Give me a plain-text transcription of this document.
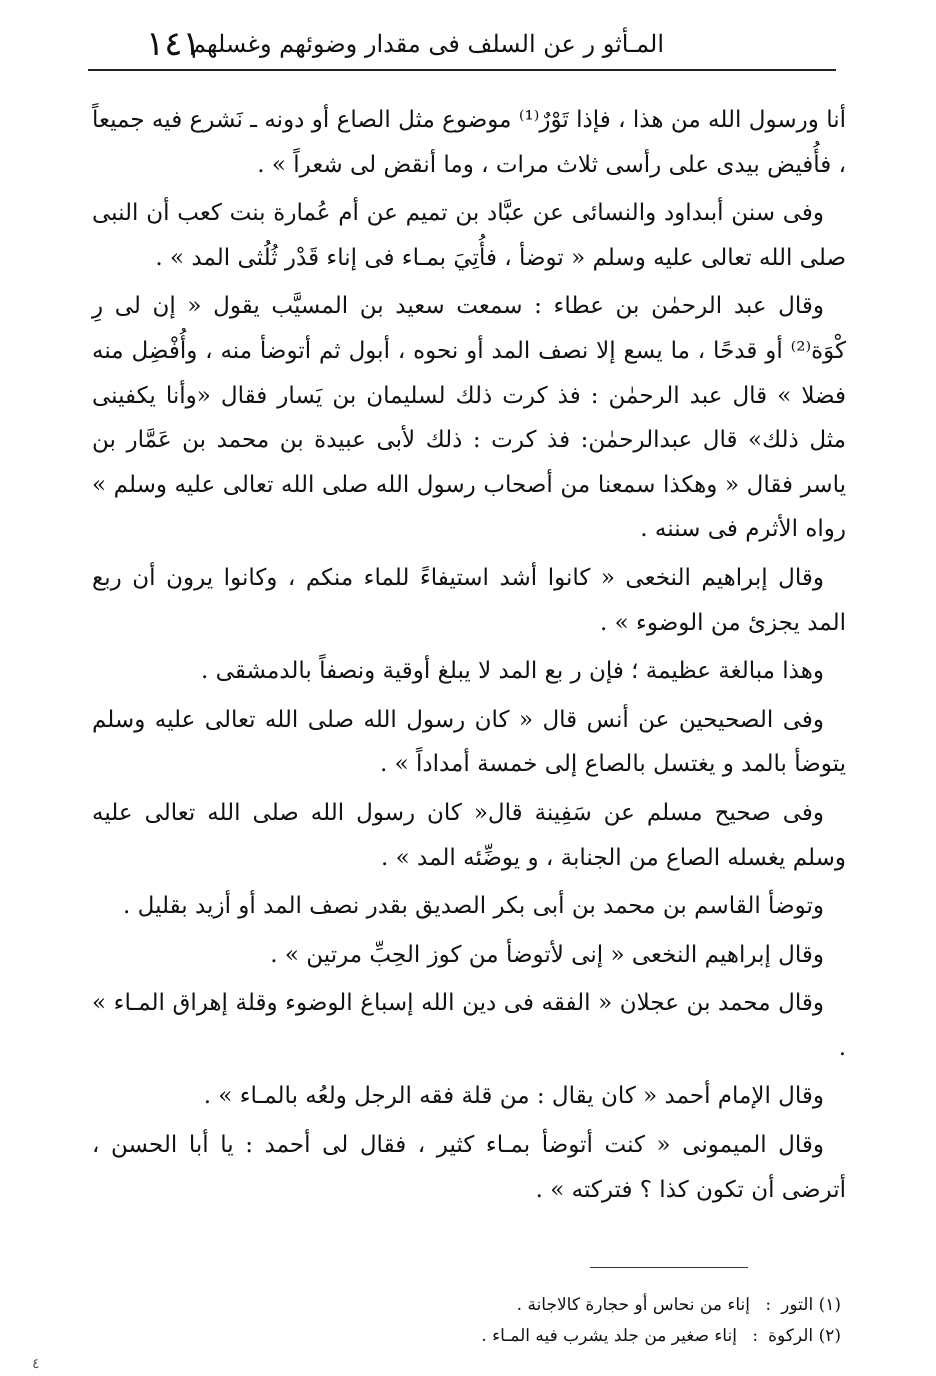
١٤١
المـأثو ر عن السلف فى مقدار وضوئهم وغسلهم

أنا ورسول الله من هذا ، فإذا تَوْرٌ⁽¹⁾ موضوع مثل الصاع أو دونه ـ نَشرع فيه جميعاً ، فأُفيض بيدى على رأسى ثلاث مرات ، وما أنقض لى شعراً » .

وفى سنن أبىداود والنسائى عن عبَّاد بن تميم عن أم عُمارة بنت كعب أن النبى صلى الله تعالى عليه وسلم « توضأ ، فأُتِيَ بمـاء فى إناء قَدْر ثُلُثى المد » .

وقال عبد الرحمٰن بن عطاء : سمعت سعيد بن المسيَّب يقول « إن لى رِ كْوَة⁽²⁾ أو قدحًا ، ما يسع إلا نصف المد أو نحوه ، أبول ثم أتوضأ منه ، وأُفْضِل منه فضلا » قال عبد الرحمٰن : فذ كرت ذلك لسليمان بن يَسار فقال «وأنا يكفينى مثل ذلك» قال عبدالرحمٰن: فذ كرت : ذلك لأبى عبيدة بن محمد بن عَمَّار بن ياسر فقال « وهكذا سمعنا من أصحاب رسول الله صلى الله تعالى عليه وسلم » رواه الأثرم فى سننه .

وقال إبراهيم النخعى « كانوا أشد استيفاءً للماء منكم ، وكانوا يرون أن ربع المد يجزئ من الوضوء » .

وهذا مبالغة عظيمة ؛ فإن ر بع المد لا يبلغ أوقية ونصفاً بالدمشقى .

وفى الصحيحين عن أنس قال « كان رسول الله صلى الله تعالى عليه وسلم يتوضأ بالمد و يغتسل بالصاع إلى خمسة أمداداً » .

وفى صحيح مسلم عن سَفِينة قال« كان رسول الله صلى الله تعالى عليه وسلم يغسله الصاع من الجنابة ، و يوضِّئه المد » .

وتوضأ القاسم بن محمد بن أبى بكر الصديق بقدر نصف المد أو أزيد بقليل .

وقال إبراهيم النخعى « إنى لأتوضأ من كوز الحِبِّ مرتين » .

وقال محمد بن عجلان « الفقه فى دين الله إسباغ الوضوء وقلة إهراق المـاء » .

وقال الإمام أحمد « كان يقال : من قلة فقه الرجل ولعُه بالمـاء » .

وقال الميمونى « كنت أتوضأ بمـاء كثير ، فقال لى أحمد : يا أبا الحسن ، أترضى أن تكون كذا ؟ فتركته » .

(١) التور: إناء من نحاس أو حجارة كالاجانة .
(٢) الركوة: إناء صغير من جلد يشرب فيه المـاء .
٤
